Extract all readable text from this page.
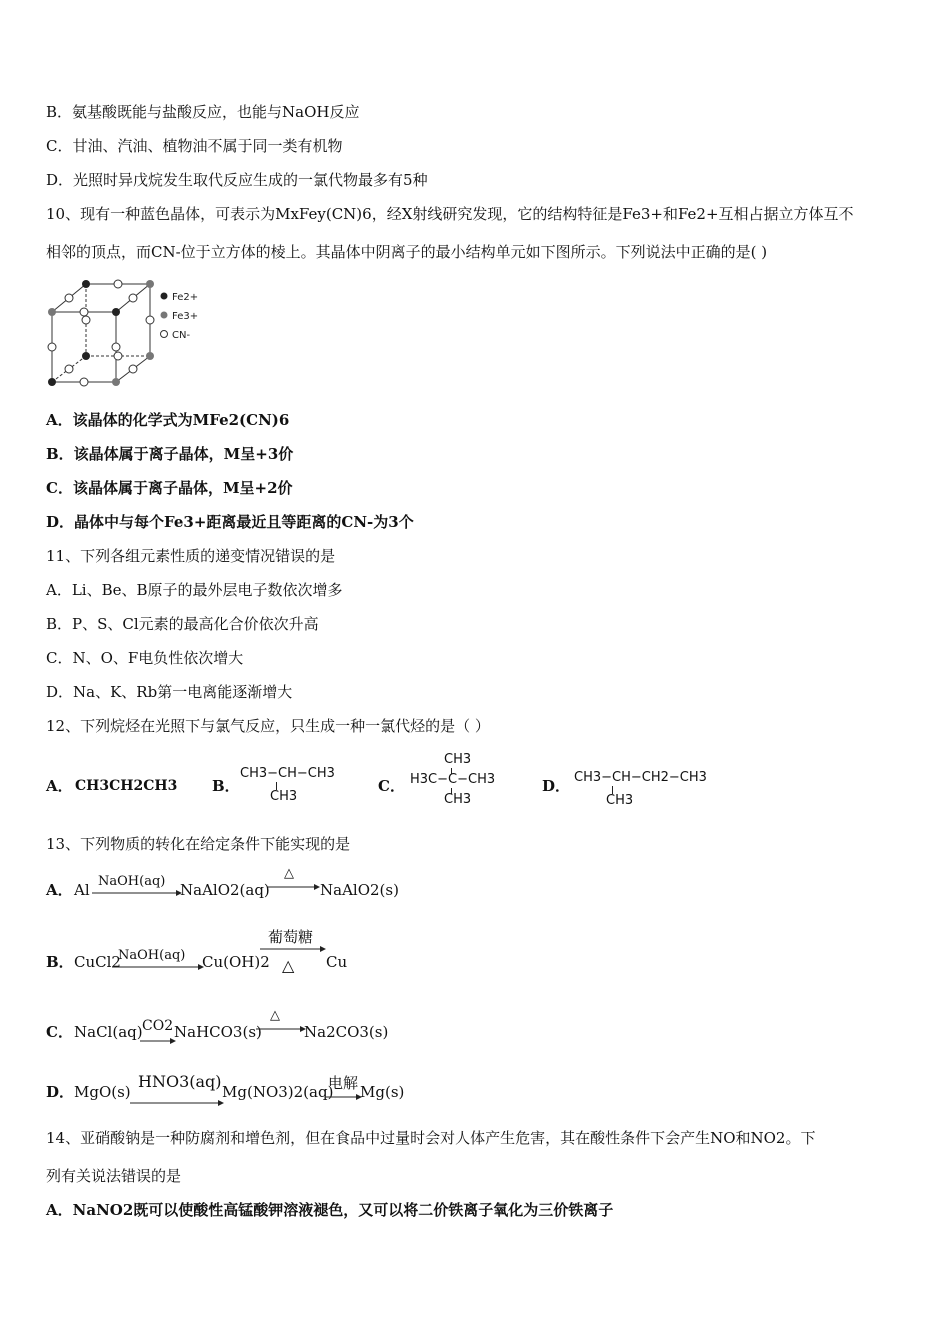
B．氨基酸既能与盐酸反应，也能与NaOH反应
C．甘油、汽油、植物油不属于同一类有机物
D．光照时异戊烷发生取代反应生成的一氯代物最多有5种
10、现有一种蓝色晶体，可表示为MxFey(CN)6，经X射线研究发现，它的结构特征是Fe3+和Fe2+互相占据立方体互不
相邻的顶点，而CN-位于立方体的棱上。其晶体中阴离子的最小结构单元如下图所示。下列说法中正确的是( )
Fe2+
Fe3+
CN-
A．该晶体的化学式为MFe2(CN)6
B．该晶体属于离子晶体，M呈+3价
C．该晶体属于离子晶体，M呈+2价
D．晶体中与每个Fe3+距离最近且等距离的CN-为3个
11、下列各组元素性质的递变情况错误的是
A．Li、Be、B原子的最外层电子数依次增多
B．P、S、Cl元素的最高化合价依次升高
C．N、O、F电负性依次增大
D．Na、K、Rb第一电离能逐渐增大
12、下列烷烃在光照下与氯气反应，只生成一种一氯代烃的是（ ）
A． CH3CH2CH3 B．
CH3−CH−CH3
CH3
C．
CH3
H3C−C−CH3
CH3
D． CH3−CH−CH2−CH3
CH3
13、下列物质的转化在给定条件下能实现的是
A． Al NaOH(aq) NaAlO2(aq)
△
NaAlO2(s)
B． CuCl2
NaOH(aq) Cu(OH)2
葡萄糖
△ Cu
C． NaCl(aq) CO2 NaHCO3(s)
△
Na2CO3(s)
D． MgO(s)
HNO3(aq)
Mg(NO3)2(aq)
电解 Mg(s)
14、亚硝酸钠是一种防腐剂和增色剂，但在食品中过量时会对人体产生危害，其在酸性条件下会产生NO和NO2。下
列有关说法错误的是
A．NaNO2既可以使酸性高锰酸钾溶液褪色，又可以将二价铁离子氧化为三价铁离子
